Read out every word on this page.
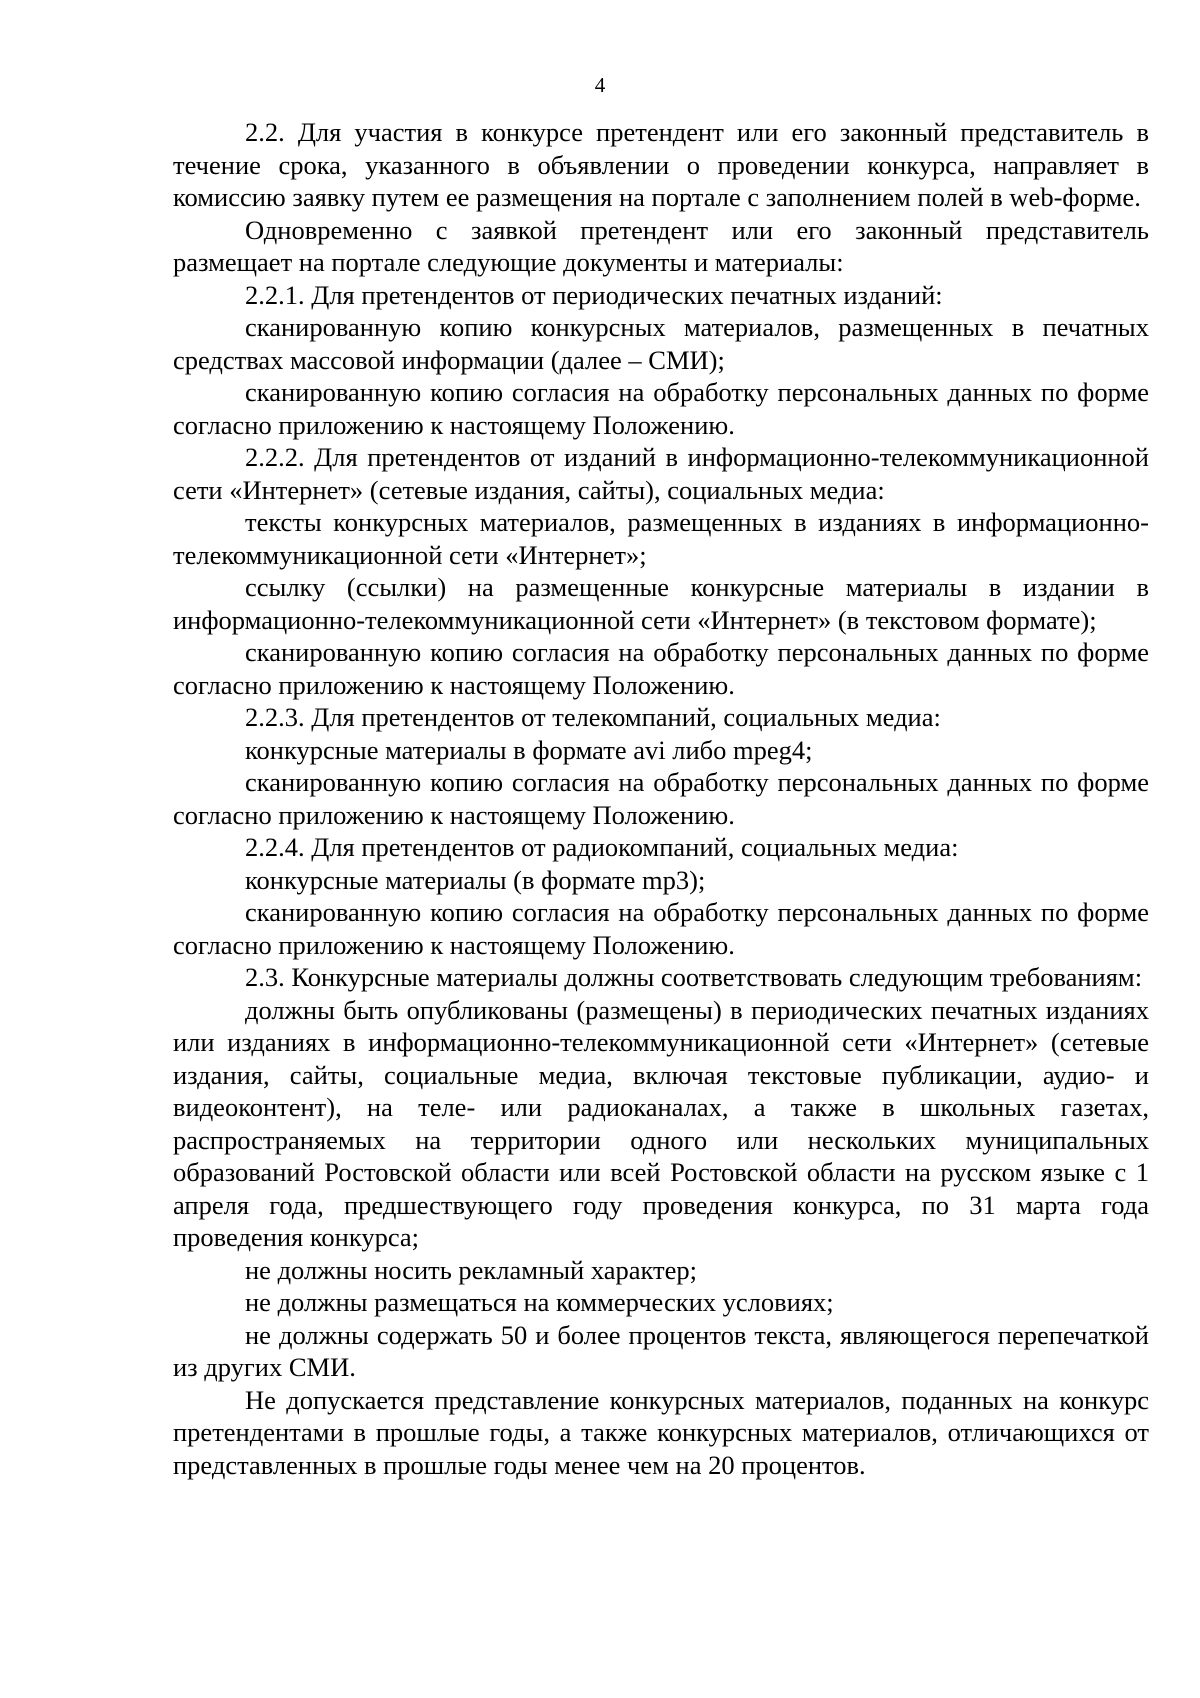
4

2.2. Для участия в конкурсе претендент или его законный представитель в течение срока, указанного в объявлении о проведении конкурса, направляет в комиссию заявку путем ее размещения на портале с заполнением полей в web-форме.

Одновременно с заявкой претендент или его законный представитель размещает на портале следующие документы и материалы:

2.2.1. Для претендентов от периодических печатных изданий:

сканированную копию конкурсных материалов, размещенных в печатных средствах массовой информации (далее – СМИ);

сканированную копию согласия на обработку персональных данных по форме согласно приложению к настоящему Положению.

2.2.2. Для претендентов от изданий в информационно-телекоммуникационной сети «Интернет» (сетевые издания, сайты), социальных медиа:

тексты конкурсных материалов, размещенных в изданиях в информационно-телекоммуникационной сети «Интернет»;

ссылку (ссылки) на размещенные конкурсные материалы в издании в информационно-телекоммуникационной сети «Интернет» (в текстовом формате);

сканированную копию согласия на обработку персональных данных по форме согласно приложению к настоящему Положению.

2.2.3. Для претендентов от телекомпаний, социальных медиа:

конкурсные материалы в формате avi либо mpeg4;

сканированную копию согласия на обработку персональных данных по форме согласно приложению к настоящему Положению.

2.2.4. Для претендентов от радиокомпаний, социальных медиа:

конкурсные материалы (в формате mp3);

сканированную копию согласия на обработку персональных данных по форме согласно приложению к настоящему Положению.

2.3. Конкурсные материалы должны соответствовать следующим требованиям:

должны быть опубликованы (размещены) в периодических печатных изданиях или изданиях в информационно-телекоммуникационной сети «Интернет» (сетевые издания, сайты, социальные медиа, включая текстовые публикации, аудио- и видеоконтент), на теле- или радиоканалах, а также в школьных газетах, распространяемых на территории одного или нескольких муниципальных образований Ростовской области или всей Ростовской области на русском языке с 1 апреля года, предшествующего году проведения конкурса, по 31 марта года проведения конкурса;

не должны носить рекламный характер;

не должны размещаться на коммерческих условиях;

не должны содержать 50 и более процентов текста, являющегося перепечаткой из других СМИ.

Не допускается представление конкурсных материалов, поданных на конкурс претендентами в прошлые годы, а также конкурсных материалов, отличающихся от представленных в прошлые годы менее чем на 20 процентов.
